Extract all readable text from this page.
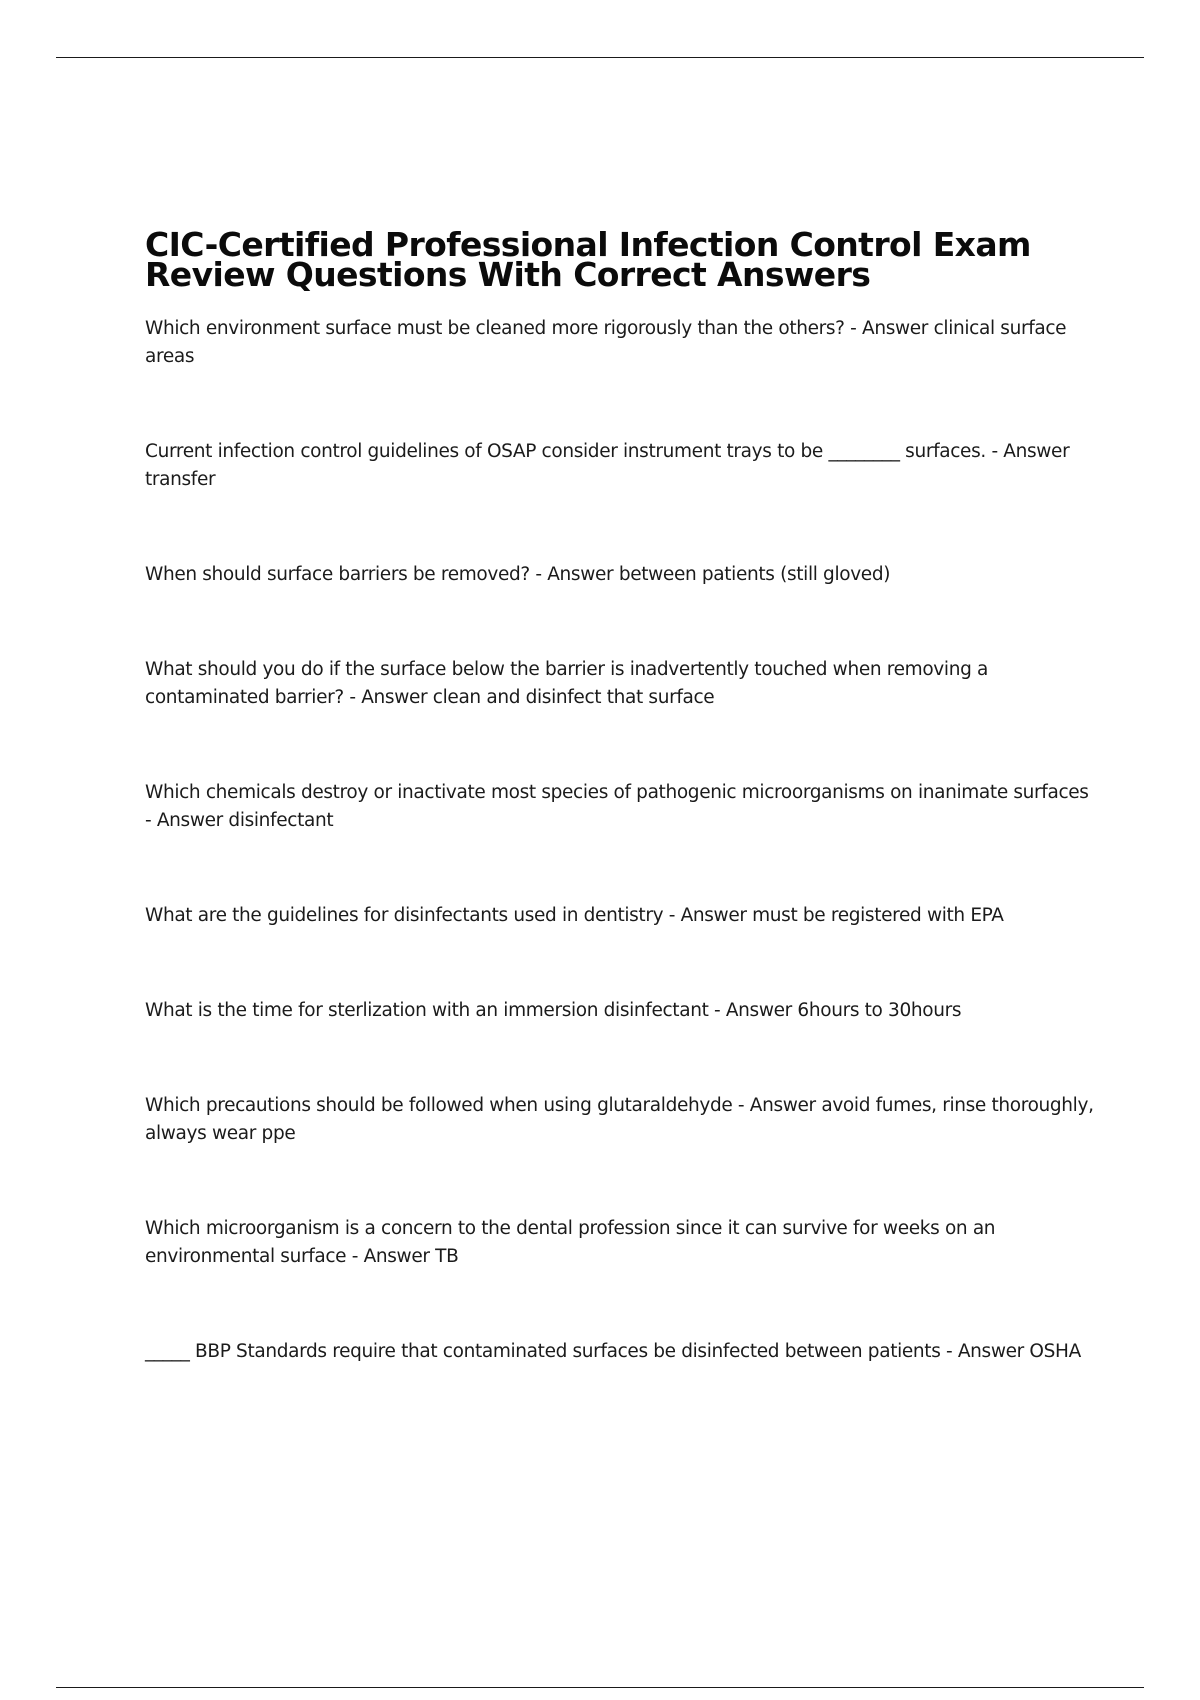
CIC-Certified Professional Infection Control Exam Review Questions With Correct Answers

Which environment surface must be cleaned more rigorously than the others? - Answer clinical surface areas

Current infection control guidelines of OSAP consider instrument trays to be ________ surfaces. - Answer transfer

When should surface barriers be removed? - Answer between patients (still gloved)

What should you do if the surface below the barrier is inadvertently touched when removing a contaminated barrier? - Answer clean and disinfect that surface

Which chemicals destroy or inactivate most species of pathogenic microorganisms on inanimate surfaces - Answer disinfectant

What are the guidelines for disinfectants used in dentistry - Answer must be registered with EPA

What is the time for sterlization with an immersion disinfectant - Answer 6hours to 30hours

Which precautions should be followed when using glutaraldehyde - Answer avoid fumes, rinse thoroughly, always wear ppe

Which microorganism is a concern to the dental profession since it can survive for weeks on an environmental surface - Answer TB

_____ BBP Standards require that contaminated surfaces be disinfected between patients - Answer OSHA
